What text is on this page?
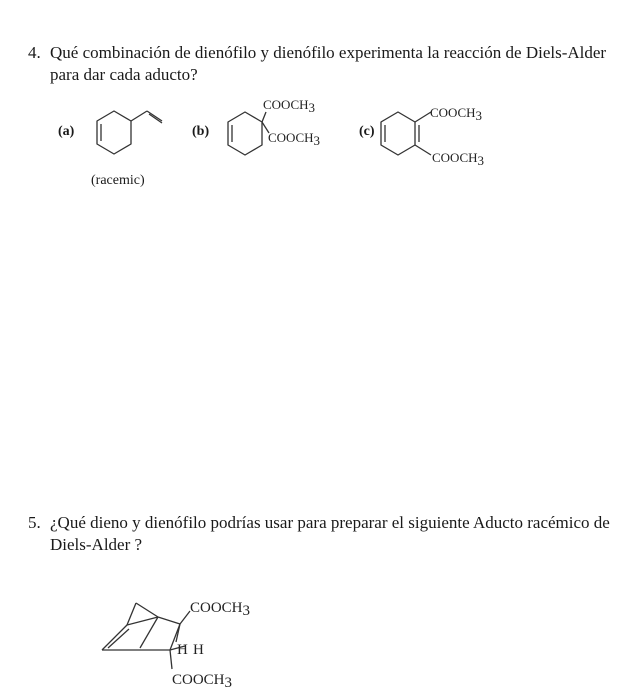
4. Qué combinación de dienófilo y dienófilo experimenta la reacción de Diels-Alder para dar cada aducto?
(a)
(racemic)
(b)
COOCH3
COOCH3
(c)
COOCH3
COOCH3
5. ¿Qué dieno y dienófilo podrías usar para preparar el siguiente Aducto racémico de Diels-Alder ?
COOCH3
H H
COOCH3
